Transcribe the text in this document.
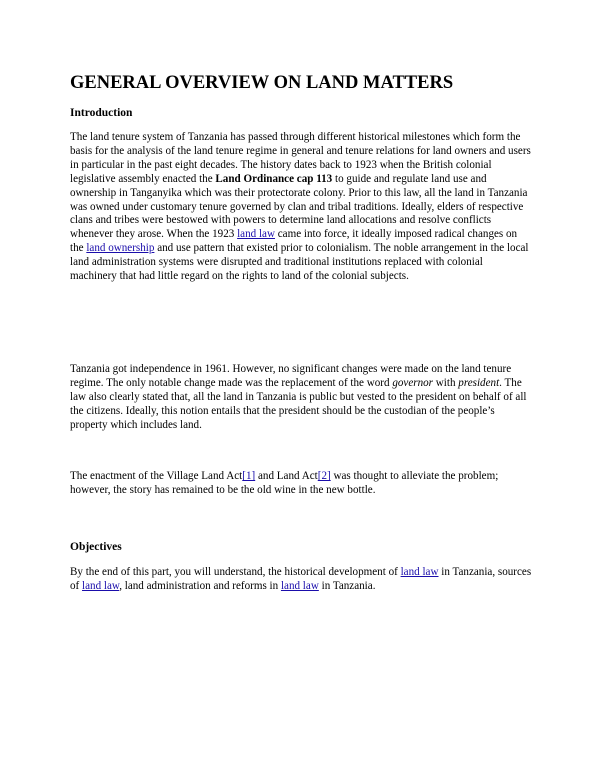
GENERAL OVERVIEW ON LAND MATTERS
Introduction

The land tenure system of Tanzania has passed through different historical milestones which form the basis for the analysis of the land tenure regime in general and tenure relations for land owners and users in particular in the past eight decades. The history dates back to 1923 when the British colonial legislative assembly enacted the Land Ordinance cap 113 to guide and regulate land use and ownership in Tanganyika which was their protectorate colony. Prior to this law, all the land in Tanzania was owned under customary tenure governed by clan and tribal traditions. Ideally, elders of respective clans and tribes were bestowed with powers to determine land allocations and resolve conflicts whenever they arose. When the 1923 land law came into force, it ideally imposed radical changes on the land ownership and use pattern that existed prior to colonialism. The noble arrangement in the local land administration systems were disrupted and traditional institutions replaced with colonial machinery that had little regard on the rights to land of the colonial subjects.

Tanzania got independence in 1961. However, no significant changes were made on the land tenure regime. The only notable change made was the replacement of the word governor with president. The law also clearly stated that, all the land in Tanzania is public but vested to the president on behalf of all the citizens. Ideally, this notion entails that the president should be the custodian of the people’s property which includes land.

The enactment of the Village Land Act[1] and Land Act[2] was thought to alleviate the problem; however, the story has remained to be the old wine in the new bottle.

Objectives

By the end of this part, you will understand, the historical development of land law in Tanzania, sources of land law, land administration and reforms in land law in Tanzania.
